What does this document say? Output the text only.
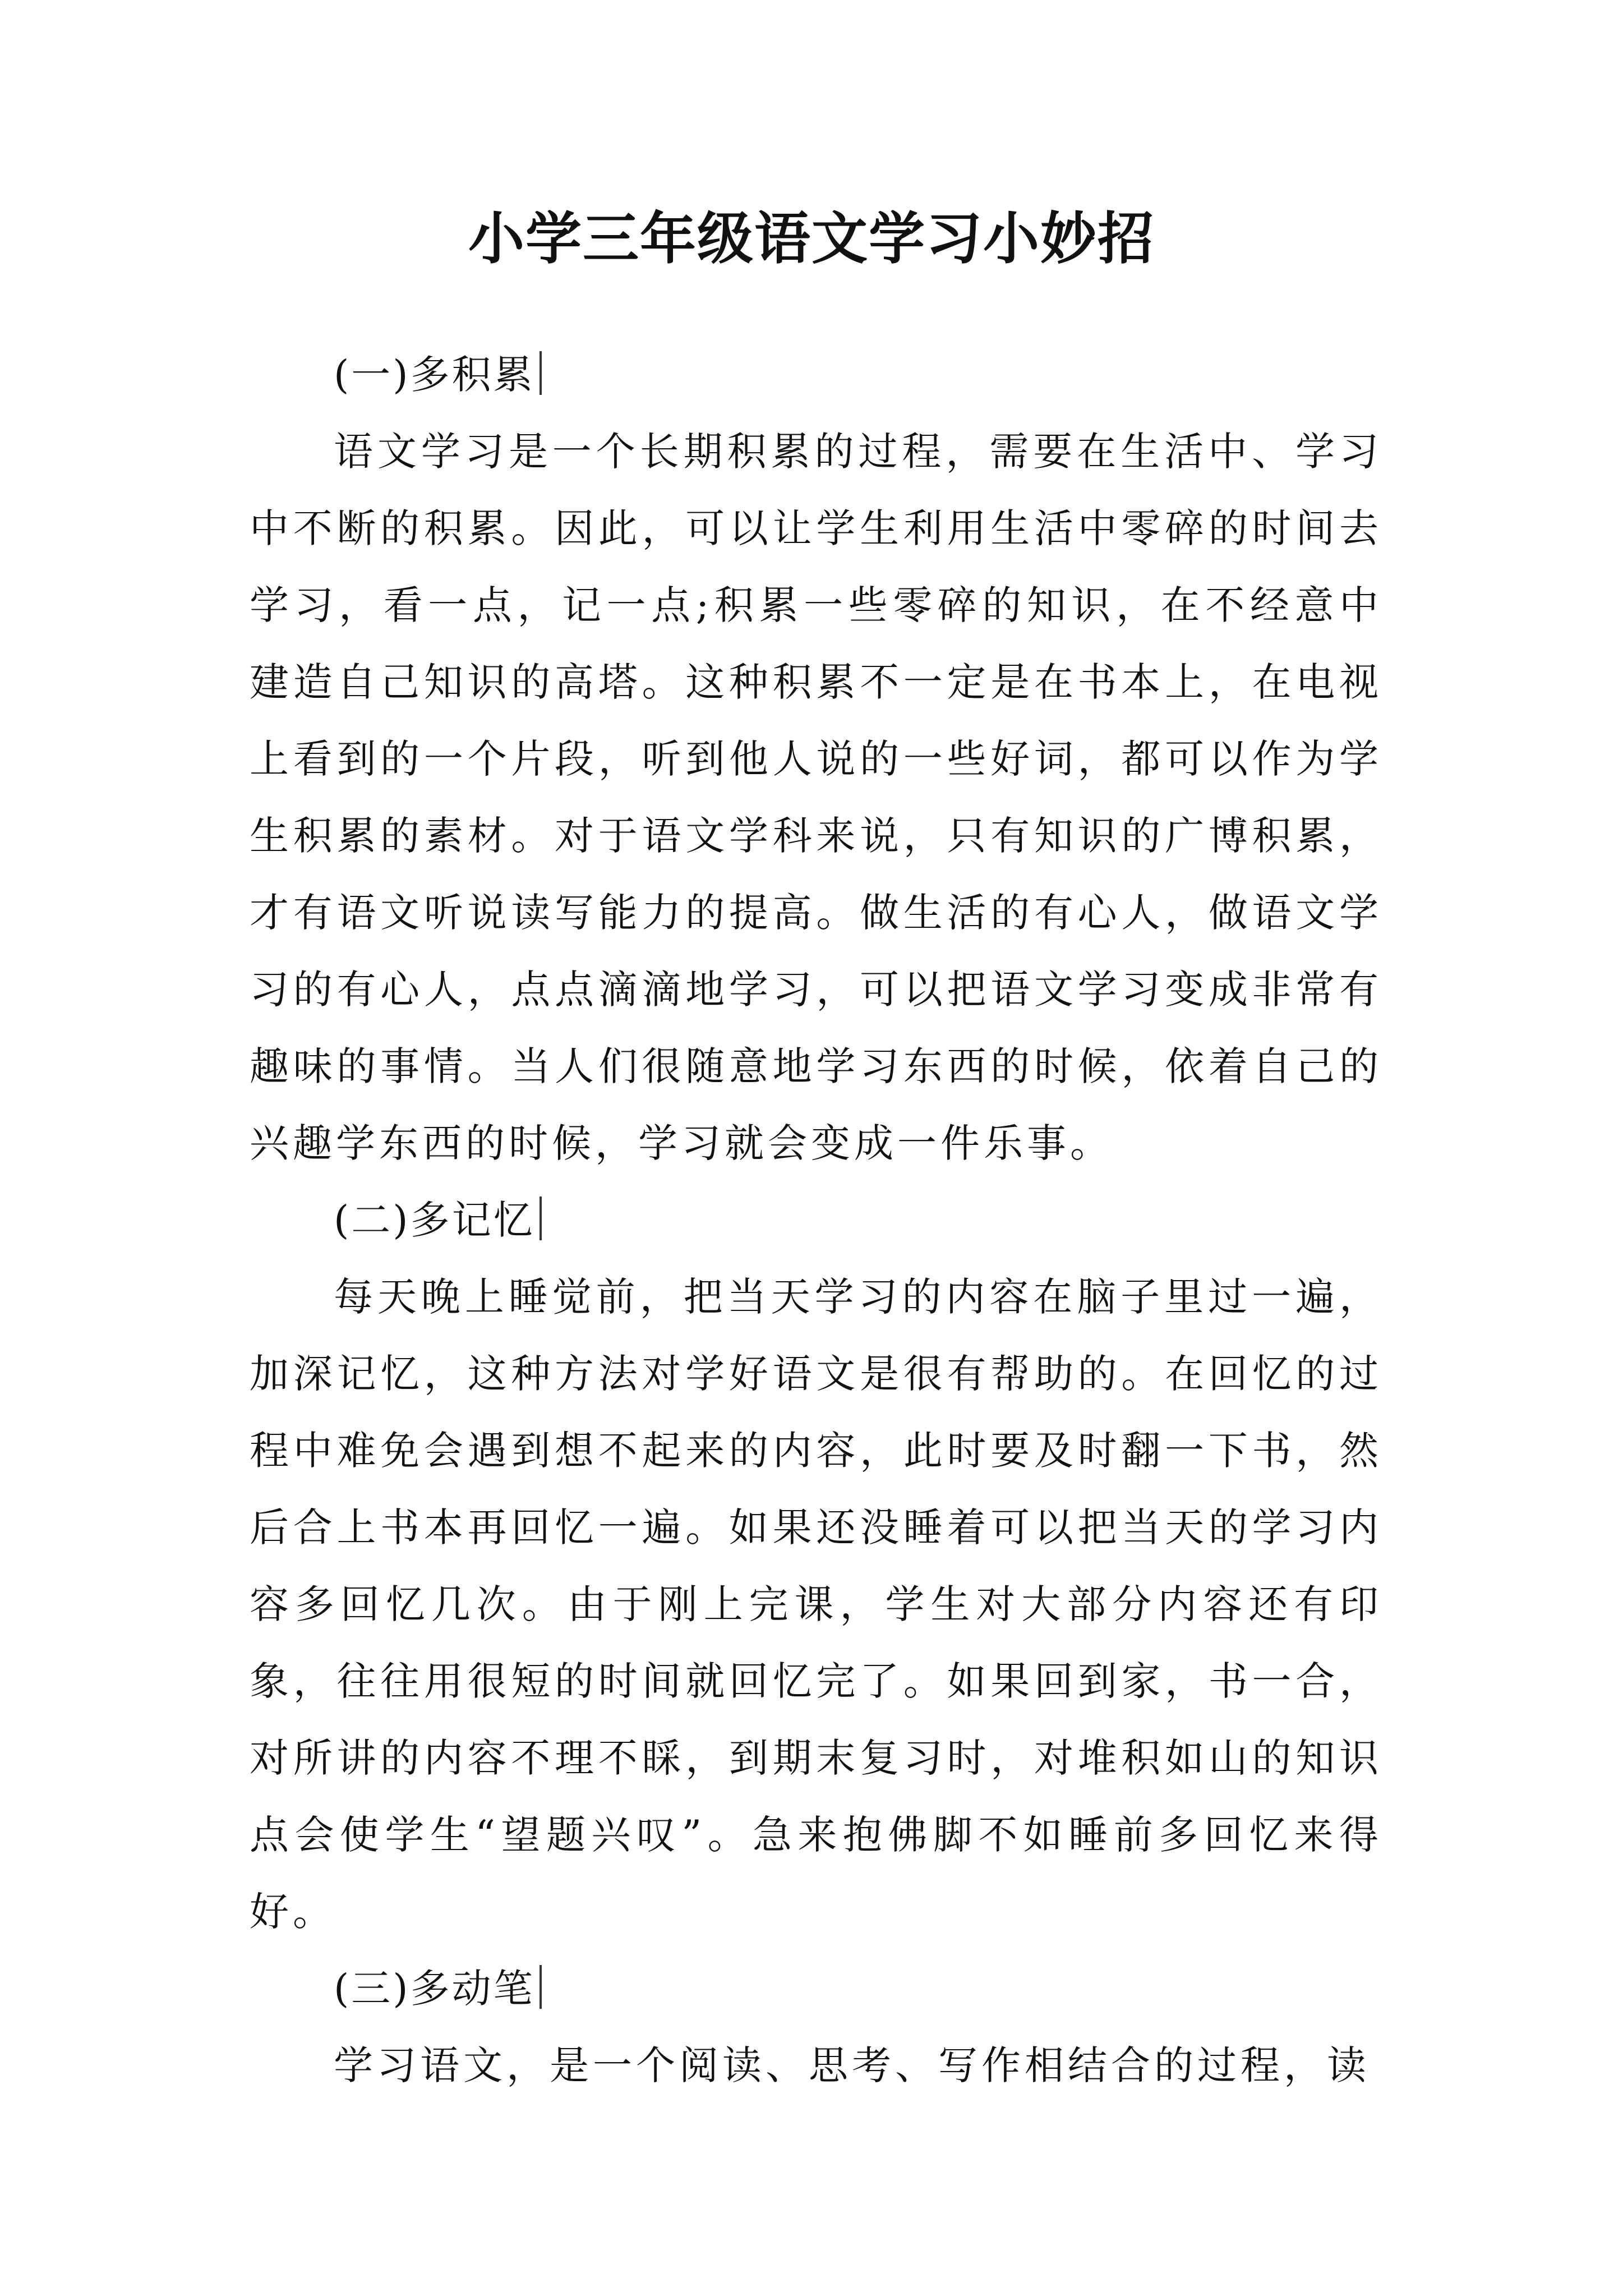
小学三年级语文学习小妙招

(一)多积累

语文学习是一个长期积累的过程，需要在生活中、学习中不断的积累。因此，可以让学生利用生活中零碎的时间去学习，看一点，记一点;积累一些零碎的知识，在不经意中建造自己知识的高塔。这种积累不一定是在书本上，在电视上看到的一个片段，听到他人说的一些好词，都可以作为学生积累的素材。对于语文学科来说，只有知识的广博积累，才有语文听说读写能力的提高。做生活的有心人，做语文学习的有心人，点点滴滴地学习，可以把语文学习变成非常有趣味的事情。当人们很随意地学习东西的时候，依着自己的兴趣学东西的时候，学习就会变成一件乐事。

(二)多记忆

每天晚上睡觉前，把当天学习的内容在脑子里过一遍，加深记忆，这种方法对学好语文是很有帮助的。在回忆的过程中难免会遇到想不起来的内容，此时要及时翻一下书，然后合上书本再回忆一遍。如果还没睡着可以把当天的学习内容多回忆几次。由于刚上完课，学生对大部分内容还有印象，往往用很短的时间就回忆完了。如果回到家，书一合，对所讲的内容不理不睬，到期末复习时，对堆积如山的知识点会使学生“望题兴叹”。急来抱佛脚不如睡前多回忆来得好。

(三)多动笔

学习语文，是一个阅读、思考、写作相结合的过程，读
